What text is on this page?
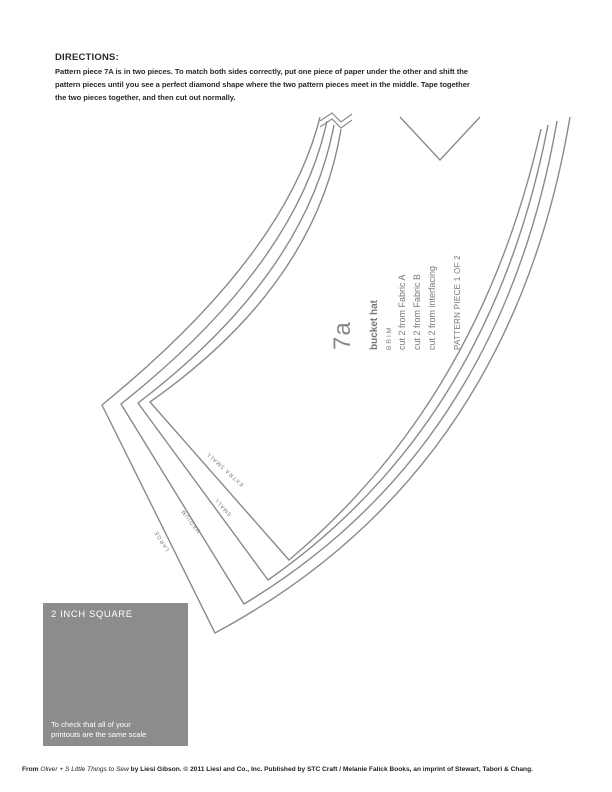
DIRECTIONS:
Pattern piece 7A is in two pieces. To match both sides correctly, put one piece of paper under the other and shift the
pattern pieces until you see a perfect diamond shape where the two pattern pieces meet in the middle. Tape together
the two pieces together, and then cut out normally.
EXTRA SMALL
SMALL
MEDIUM
LARGE
7a bucket hat BRIM cut 2 from Fabric A cut 2 from Fabric B cut 2 from interfacing PATTERN PIECE 1 OF 2
2 INCH SQUARE
To check that all of your
printouts are the same scale
From Oliver + S Little Things to Sew by Liesl Gibson. © 2011 Liesl and Co., Inc. Published by STC Craft / Melanie Falick Books, an imprint of Stewart, Tabori & Chang.
